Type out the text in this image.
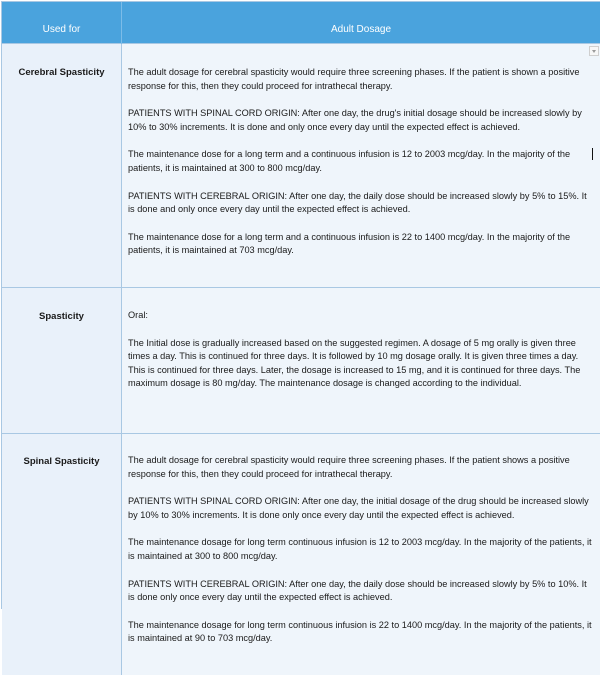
Used for	Adult Dosage
Cerebral Spasticity	The adult dosage for cerebral spasticity would require three screening phases. If the patient is shown a positive response for this, then they could proceed for intrathecal therapy.

PATIENTS WITH SPINAL CORD ORIGIN: After one day, the drug's initial dosage should be increased slowly by 10% to 30% increments. It is done and only once every day until the expected effect is achieved.

The maintenance dose for a long term and a continuous infusion is 12 to 2003 mcg/day. In the majority of the patients, it is maintained at 300 to 800 mcg/day.

PATIENTS WITH CEREBRAL ORIGIN: After one day, the daily dose should be increased slowly by 5% to 15%. It is done and only once every day until the expected effect is achieved.

The maintenance dose for a long term and a continuous infusion is 22 to 1400 mcg/day. In the majority of the patients, it is maintained at 703 mcg/day.

Spasticity	Oral:

The Initial dose is gradually increased based on the suggested regimen. A dosage of 5 mg orally is given three times a day. This is continued for three days. It is followed by 10 mg dosage orally. It is given three times a day. This is continued for three days. Later, the dosage is increased to 15 mg, and it is continued for three days. The maximum dosage is 80 mg/day. The maintenance dosage is changed according to the individual.

Spinal Spasticity	The adult dosage for cerebral spasticity would require three screening phases. If the patient shows a positive response for this, then they could proceed for intrathecal therapy.

PATIENTS WITH SPINAL CORD ORIGIN: After one day, the initial dosage of the drug should be increased slowly by 10% to 30% increments. It is done only once every day until the expected effect is achieved.

The maintenance dosage for long term continuous infusion is 12 to 2003 mcg/day. In the majority of the patients, it is maintained at 300 to 800 mcg/day.

PATIENTS WITH CEREBRAL ORIGIN: After one day, the daily dose should be increased slowly by 5% to 10%. It is done only once every day until the expected effect is achieved.

The maintenance dosage for long term continuous infusion is 22 to 1400 mcg/day. In the majority of the patients, it is maintained at 90 to 703 mcg/day.
